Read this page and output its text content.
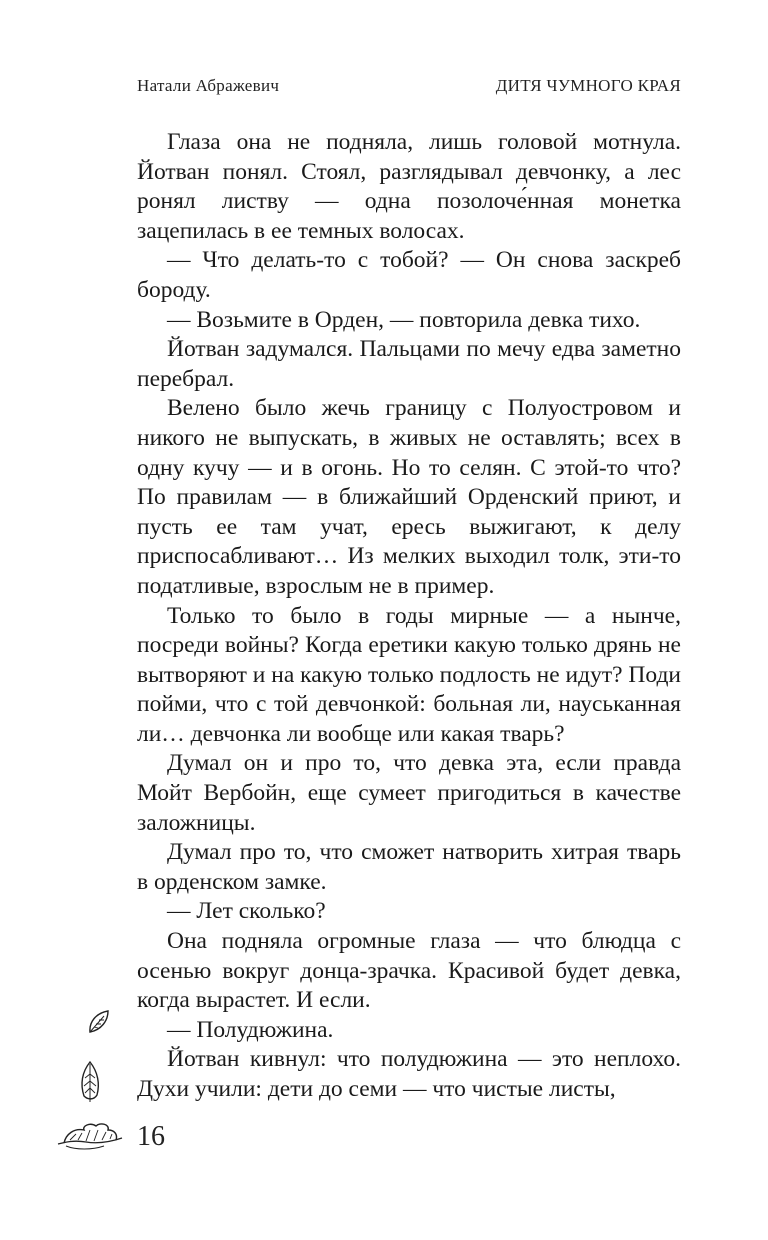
Натали Абражевич	ДИТЯ ЧУМНОГО КРАЯ

Глаза она не подняла, лишь головой мотнула. Йотван понял. Стоял, разглядывал девчонку, а лес ронял листву — одна позолоче́нная монетка зацепилась в ее темных волосах.

— Что делать-то с тобой? — Он снова заскреб бороду.

— Возьмите в Орден, — повторила девка тихо.

Йотван задумался. Пальцами по мечу едва заметно перебрал.

Велено было жечь границу с Полуостровом и никого не выпускать, в живых не оставлять; всех в одну кучу — и в огонь. Но то селян. С этой-то что? По правилам — в ближайший Орденский приют, и пусть ее там учат, ересь выжигают, к делу приспосабливают… Из мелких выходил толк, эти-то податливые, взрослым не в пример.

Только то было в годы мирные — а нынче, посреди войны? Когда еретики какую только дрянь не вытворяют и на какую только подлость не идут? Поди пойми, что с той девчонкой: больная ли, науськанная ли… девчонка ли вообще или какая тварь?

Думал он и про то, что девка эта, если правда Мойт Вербойн, еще сумеет пригодиться в качестве заложницы.

Думал про то, что сможет натворить хитрая тварь в орденском замке.

— Лет сколько?

Она подняла огромные глаза — что блюдца с осенью вокруг донца-зрачка. Красивой будет девка, когда вырастет. И если.

— Полудюжина.

Йотван кивнул: что полудюжина — это неплохо. Духи учили: дети до семи — что чистые листы,

16
